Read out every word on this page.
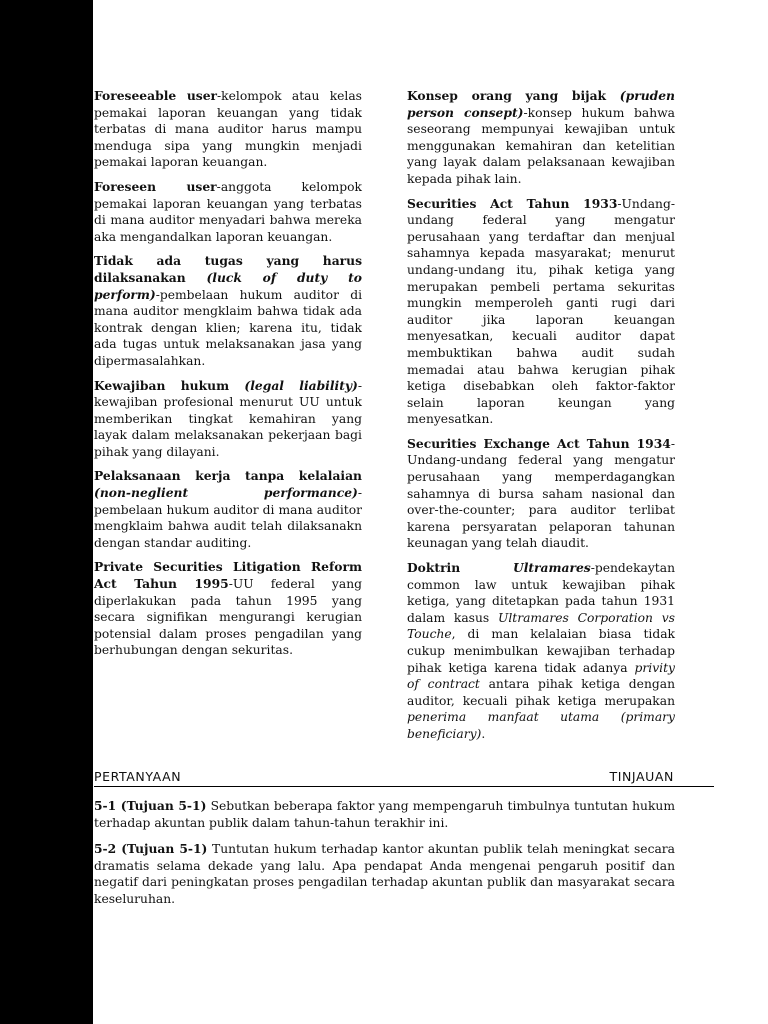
Foreseeable user-kelompok atau kelas pemakai laporan keuangan yang tidak terbatas di mana auditor harus mampu menduga sipa yang mungkin menjadi pemakai laporan keuangan.

Foreseen user-anggota kelompok pemakai laporan keuangan yang terbatas di mana auditor menyadari bahwa mereka aka mengandalkan laporan keuangan.

Tidak ada tugas yang harus dilaksanakan (luck of duty to perform)-pembelaan hukum auditor di mana auditor mengklaim bahwa tidak ada kontrak dengan klien; karena itu, tidak ada tugas untuk melaksanakan jasa yang dipermasalahkan.

Kewajiban hukum (legal liability)-kewajiban profesional menurut UU untuk memberikan tingkat kemahiran yang layak dalam melaksanakan pekerjaan bagi pihak yang dilayani.

Pelaksanaan kerja tanpa kelalaian (non-neglient performance)- pembelaan hukum auditor di mana auditor mengklaim bahwa audit telah dilaksanakn dengan standar auditing.

Private Securities Litigation Reform Act Tahun 1995-UU federal yang diperlakukan pada tahun 1995 yang secara signifikan mengurangi kerugian potensial dalam proses pengadilan yang berhubungan dengan sekuritas.

Konsep orang yang bijak (pruden person consept)-konsep hukum bahwa seseorang mempunyai kewajiban untuk menggunakan kemahiran dan ketelitian yang layak dalam pelaksanaan kewajiban kepada pihak lain.

Securities Act Tahun 1933-Undang-undang federal yang mengatur perusahaan yang terdaftar dan menjual sahamnya kepada masyarakat; menurut undang-undang itu, pihak ketiga yang merupakan pembeli pertama sekuritas mungkin memperoleh ganti rugi dari auditor jika laporan keuangan menyesatkan, kecuali auditor dapat membuktikan bahwa audit sudah memadai atau bahwa kerugian pihak ketiga disebabkan oleh faktor-faktor selain laporan keungan yang menyesatkan.

Securities Exchange Act Tahun 1934-Undang-undang federal yang mengatur perusahaan yang memperdagangkan sahamnya di bursa saham nasional dan over-the-counter; para auditor terlibat karena persyaratan pelaporan tahunan keunagan yang telah diaudit.

Doktrin Ultramares-pendekaytan common law untuk kewajiban pihak ketiga, yang ditetapkan pada tahun 1931 dalam kasus Ultramares Corporation vs Touche, di man kelalaian biasa tidak cukup menimbulkan kewajiban terhadap pihak ketiga karena tidak adanya privity of contract antara pihak ketiga dengan auditor, kecuali pihak ketiga merupakan penerima manfaat utama (primary beneficiary).

PERTANYAAN	TINJAUAN

5-1 (Tujuan 5-1) Sebutkan beberapa faktor yang mempengaruh timbulnya tuntutan hukum terhadap akuntan publik dalam tahun-tahun terakhir ini.

5-2 (Tujuan 5-1) Tuntutan hukum terhadap kantor akuntan publik telah meningkat secara dramatis selama dekade yang lalu. Apa pendapat Anda mengenai pengaruh positif dan negatif dari peningkatan proses pengadilan terhadap akuntan publik dan masyarakat secara keseluruhan.
